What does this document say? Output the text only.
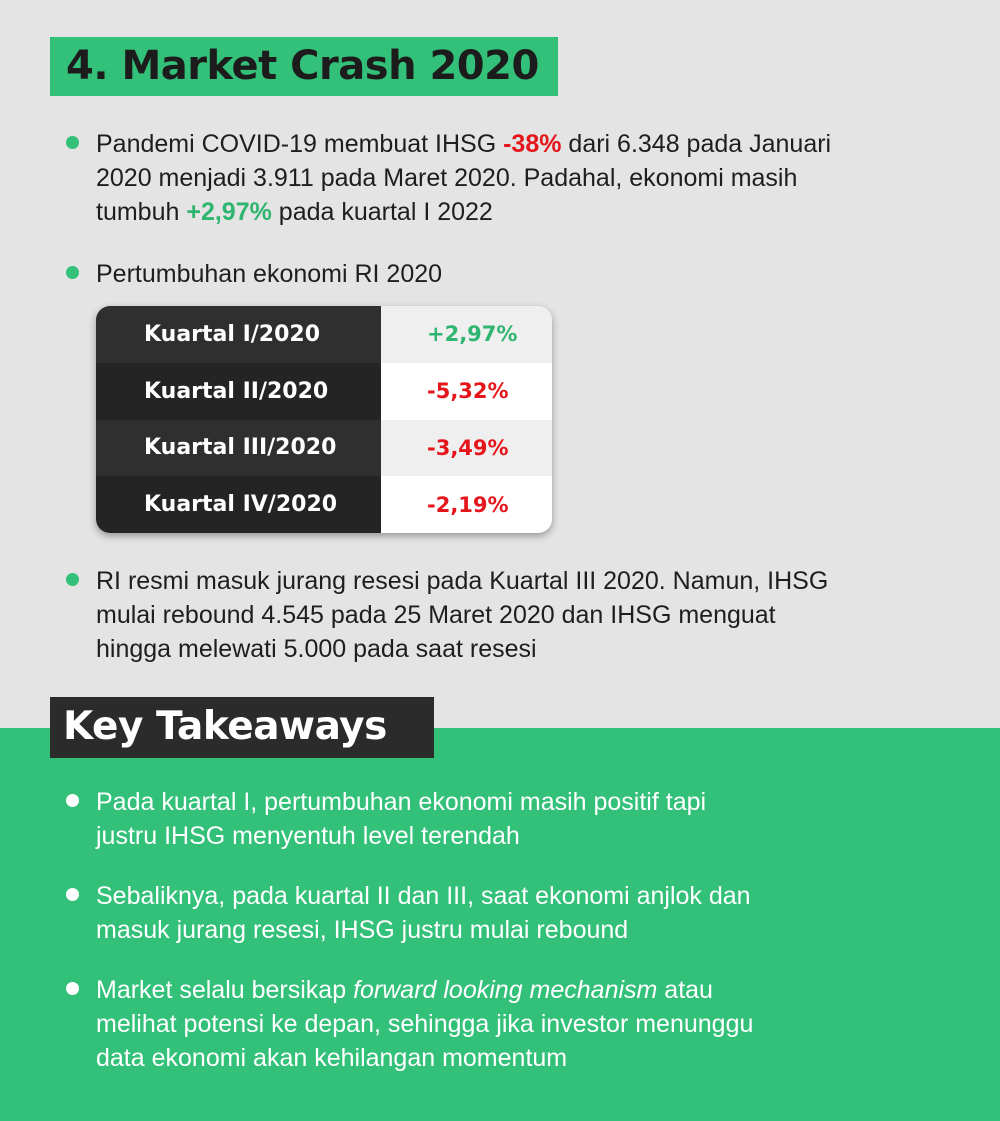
4. Market Crash 2020
Pandemi COVID-19 membuat IHSG -38% dari 6.348 pada Januari
2020 menjadi 3.911 pada Maret 2020. Padahal, ekonomi masih
tumbuh +2,97% pada kuartal I 2022
Pertumbuhan ekonomi RI 2020
Kuartal I/2020	+2,97%
Kuartal II/2020	-5,32%
Kuartal III/2020	-3,49%
Kuartal IV/2020	-2,19%
RI resmi masuk jurang resesi pada Kuartal III 2020. Namun, IHSG
mulai rebound 4.545 pada 25 Maret 2020 dan IHSG menguat
hingga melewati 5.000 pada saat resesi
Key Takeaways
Pada kuartal I, pertumbuhan ekonomi masih positif tapi
justru IHSG menyentuh level terendah
Sebaliknya, pada kuartal II dan III, saat ekonomi anjlok dan
masuk jurang resesi, IHSG justru mulai rebound
Market selalu bersikap forward looking mechanism atau
melihat potensi ke depan, sehingga jika investor menunggu
data ekonomi akan kehilangan momentum
